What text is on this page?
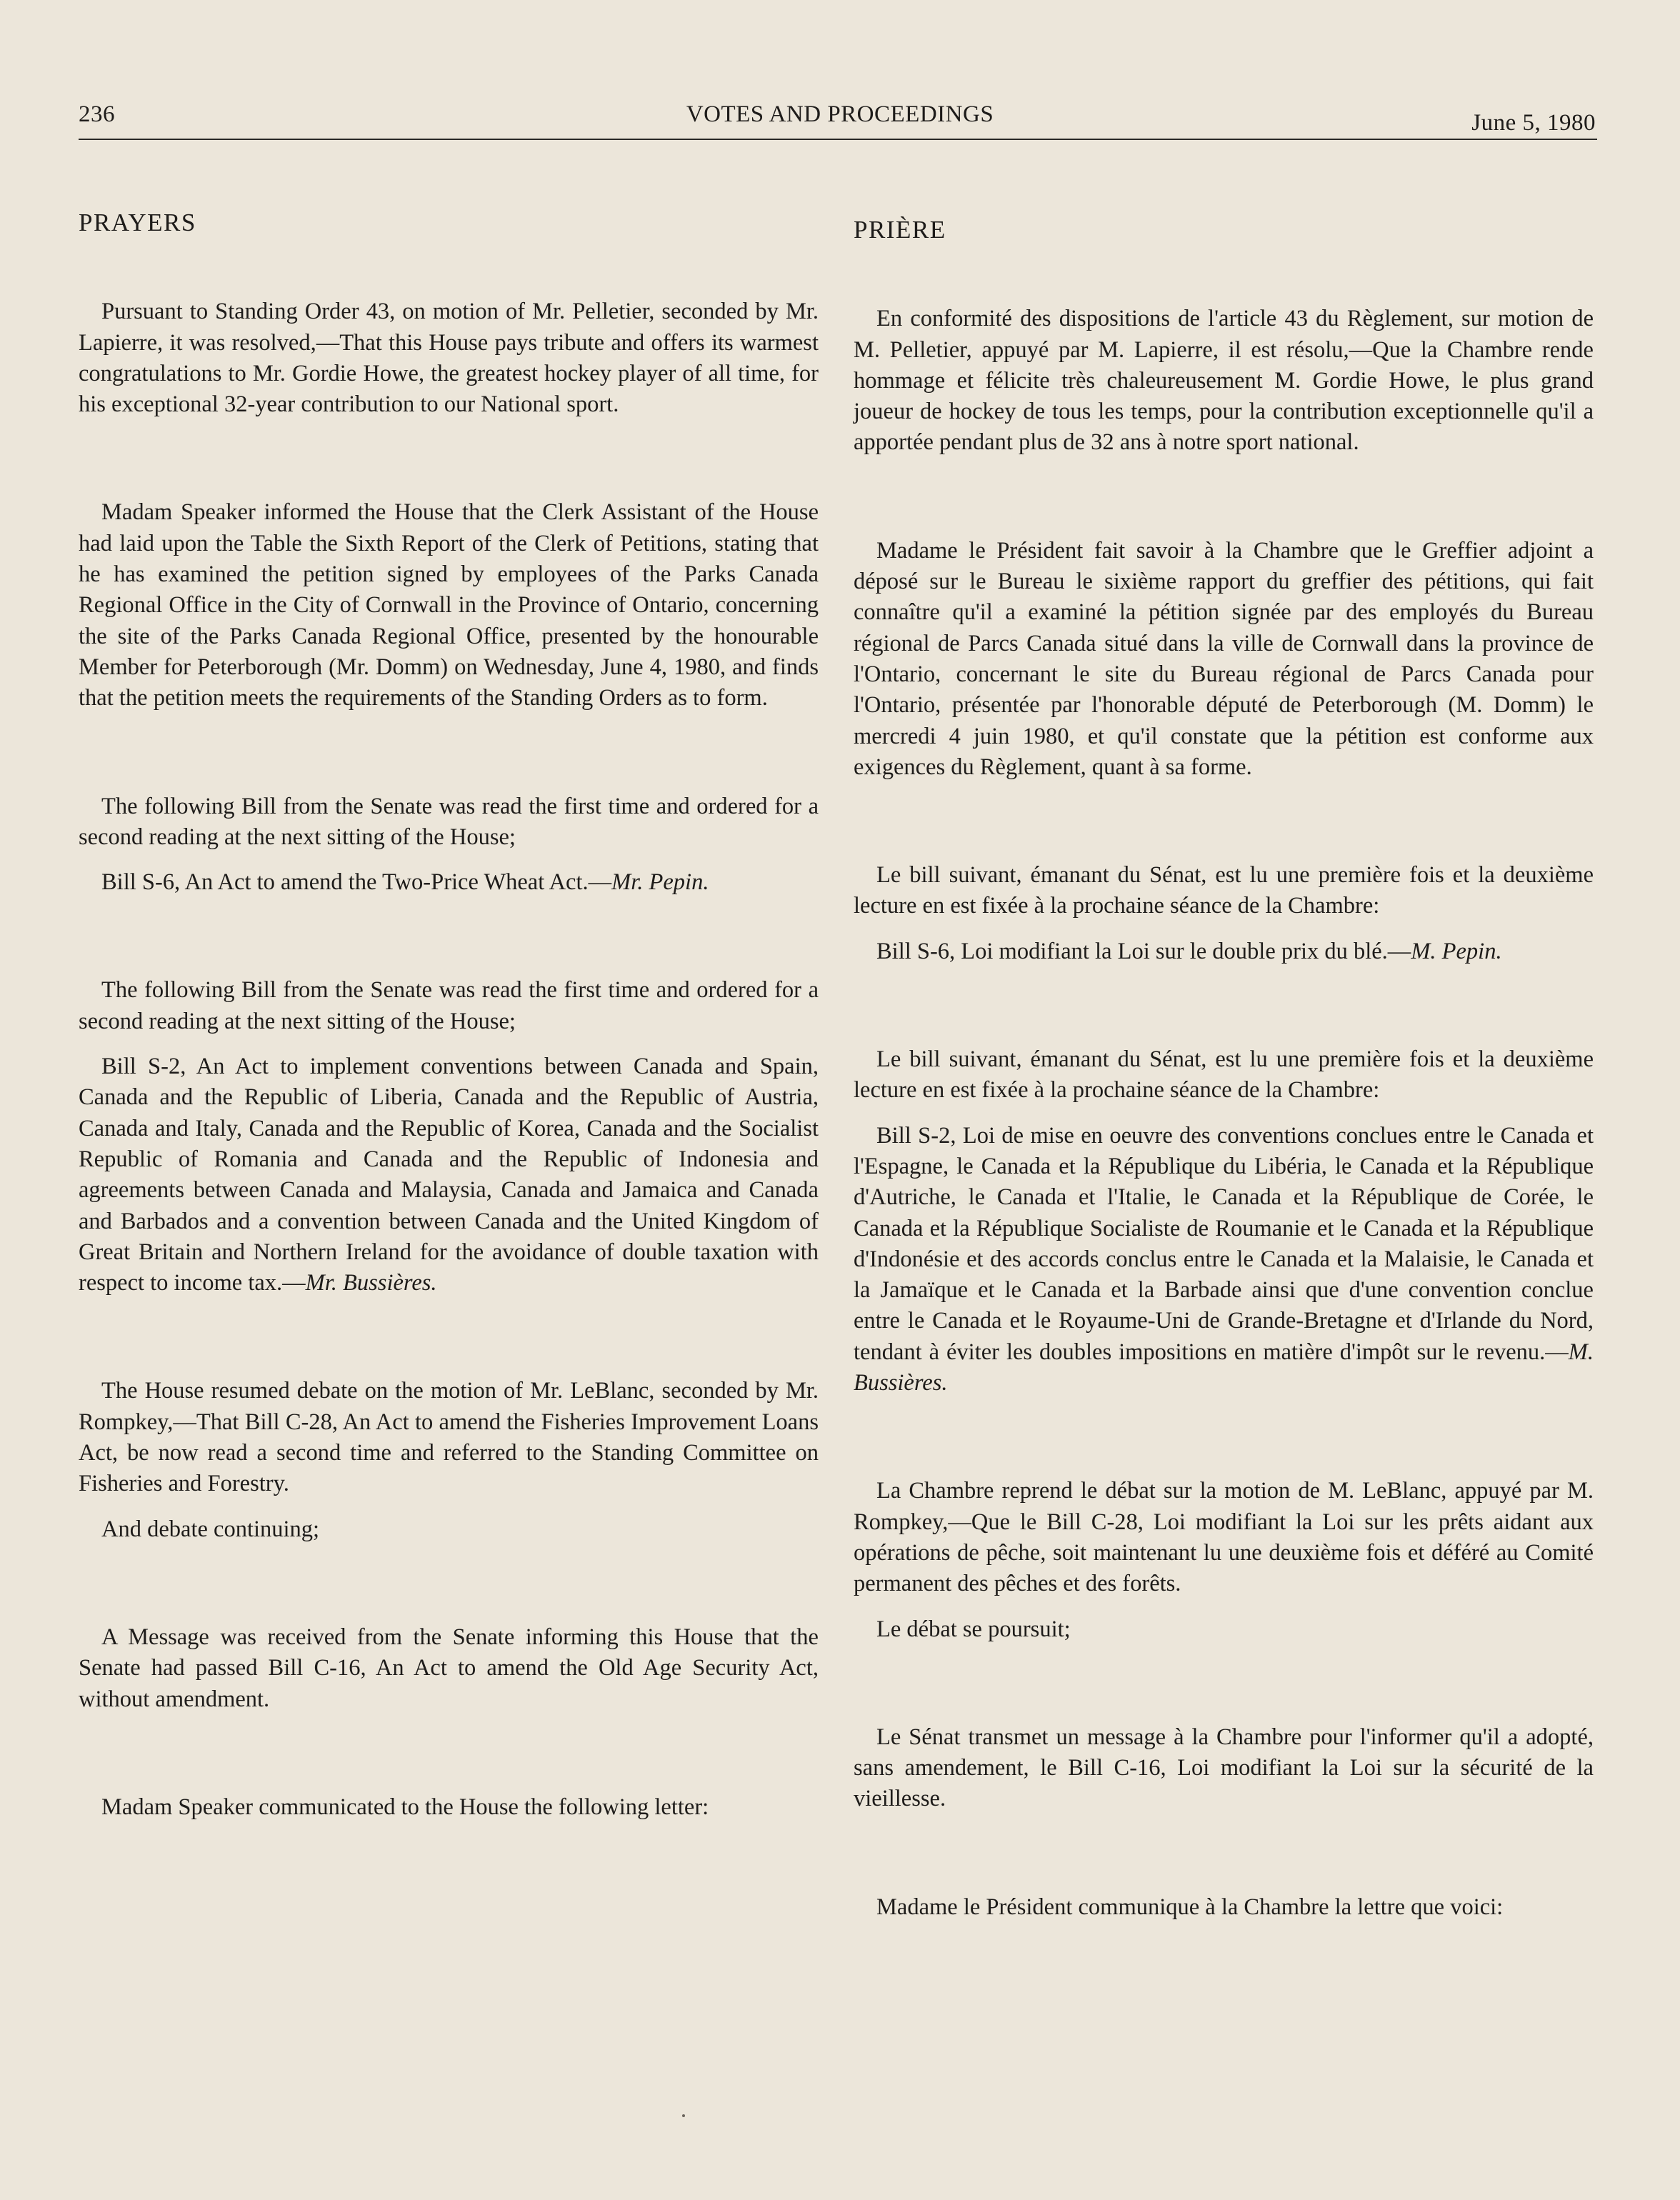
236	VOTES AND PROCEEDINGS	June 5, 1980
PRAYERS

Pursuant to Standing Order 43, on motion of Mr. Pelletier, seconded by Mr. Lapierre, it was resolved,—That this House pays tribute and offers its warmest congratulations to Mr. Gordie Howe, the greatest hockey player of all time, for his exceptional 32-year contribution to our National sport.

Madam Speaker informed the House that the Clerk Assistant of the House had laid upon the Table the Sixth Report of the Clerk of Petitions, stating that he has examined the petition signed by employees of the Parks Canada Regional Office in the City of Cornwall in the Province of Ontario, concerning the site of the Parks Canada Regional Office, presented by the honourable Member for Peterborough (Mr. Domm) on Wednesday, June 4, 1980, and finds that the petition meets the requirements of the Standing Orders as to form.

The following Bill from the Senate was read the first time and ordered for a second reading at the next sitting of the House;

Bill S-6, An Act to amend the Two-Price Wheat Act.—Mr. Pepin.

The following Bill from the Senate was read the first time and ordered for a second reading at the next sitting of the House;

Bill S-2, An Act to implement conventions between Canada and Spain, Canada and the Republic of Liberia, Canada and the Republic of Austria, Canada and Italy, Canada and the Republic of Korea, Canada and the Socialist Republic of Romania and Canada and the Republic of Indonesia and agreements between Canada and Malaysia, Canada and Jamaica and Canada and Barbados and a convention between Canada and the United Kingdom of Great Britain and Northern Ireland for the avoidance of double taxation with respect to income tax.—Mr. Bussières.

The House resumed debate on the motion of Mr. LeBlanc, seconded by Mr. Rompkey,—That Bill C-28, An Act to amend the Fisheries Improvement Loans Act, be now read a second time and referred to the Standing Committee on Fisheries and Forestry.

And debate continuing;

A Message was received from the Senate informing this House that the Senate had passed Bill C-16, An Act to amend the Old Age Security Act, without amendment.

Madam Speaker communicated to the House the following letter:

PRIÈRE

En conformité des dispositions de l'article 43 du Règlement, sur motion de M. Pelletier, appuyé par M. Lapierre, il est résolu,—Que la Chambre rende hommage et félicite très chaleureusement M. Gordie Howe, le plus grand joueur de hockey de tous les temps, pour la contribution exceptionnelle qu'il a apportée pendant plus de 32 ans à notre sport national.

Madame le Président fait savoir à la Chambre que le Greffier adjoint a déposé sur le Bureau le sixième rapport du greffier des pétitions, qui fait connaître qu'il a examiné la pétition signée par des employés du Bureau régional de Parcs Canada situé dans la ville de Cornwall dans la province de l'Ontario, concernant le site du Bureau régional de Parcs Canada pour l'Ontario, présentée par l'honorable député de Peterborough (M. Domm) le mercredi 4 juin 1980, et qu'il constate que la pétition est conforme aux exigences du Règlement, quant à sa forme.

Le bill suivant, émanant du Sénat, est lu une première fois et la deuxième lecture en est fixée à la prochaine séance de la Chambre:

Bill S-6, Loi modifiant la Loi sur le double prix du blé.—M. Pepin.

Le bill suivant, émanant du Sénat, est lu une première fois et la deuxième lecture en est fixée à la prochaine séance de la Chambre:

Bill S-2, Loi de mise en oeuvre des conventions conclues entre le Canada et l'Espagne, le Canada et la République du Libéria, le Canada et la République d'Autriche, le Canada et l'Italie, le Canada et la République de Corée, le Canada et la République Socialiste de Roumanie et le Canada et la République d'Indonésie et des accords conclus entre le Canada et la Malaisie, le Canada et la Jamaïque et le Canada et la Barbade ainsi que d'une convention conclue entre le Canada et le Royaume-Uni de Grande-Bretagne et d'Irlande du Nord, tendant à éviter les doubles impositions en matière d'impôt sur le revenu.—M. Bussières.

La Chambre reprend le débat sur la motion de M. LeBlanc, appuyé par M. Rompkey,—Que le Bill C-28, Loi modifiant la Loi sur les prêts aidant aux opérations de pêche, soit maintenant lu une deuxième fois et déféré au Comité permanent des pêches et des forêts.

Le débat se poursuit;

Le Sénat transmet un message à la Chambre pour l'informer qu'il a adopté, sans amendement, le Bill C-16, Loi modifiant la Loi sur la sécurité de la vieillesse.

Madame le Président communique à la Chambre la lettre que voici:
